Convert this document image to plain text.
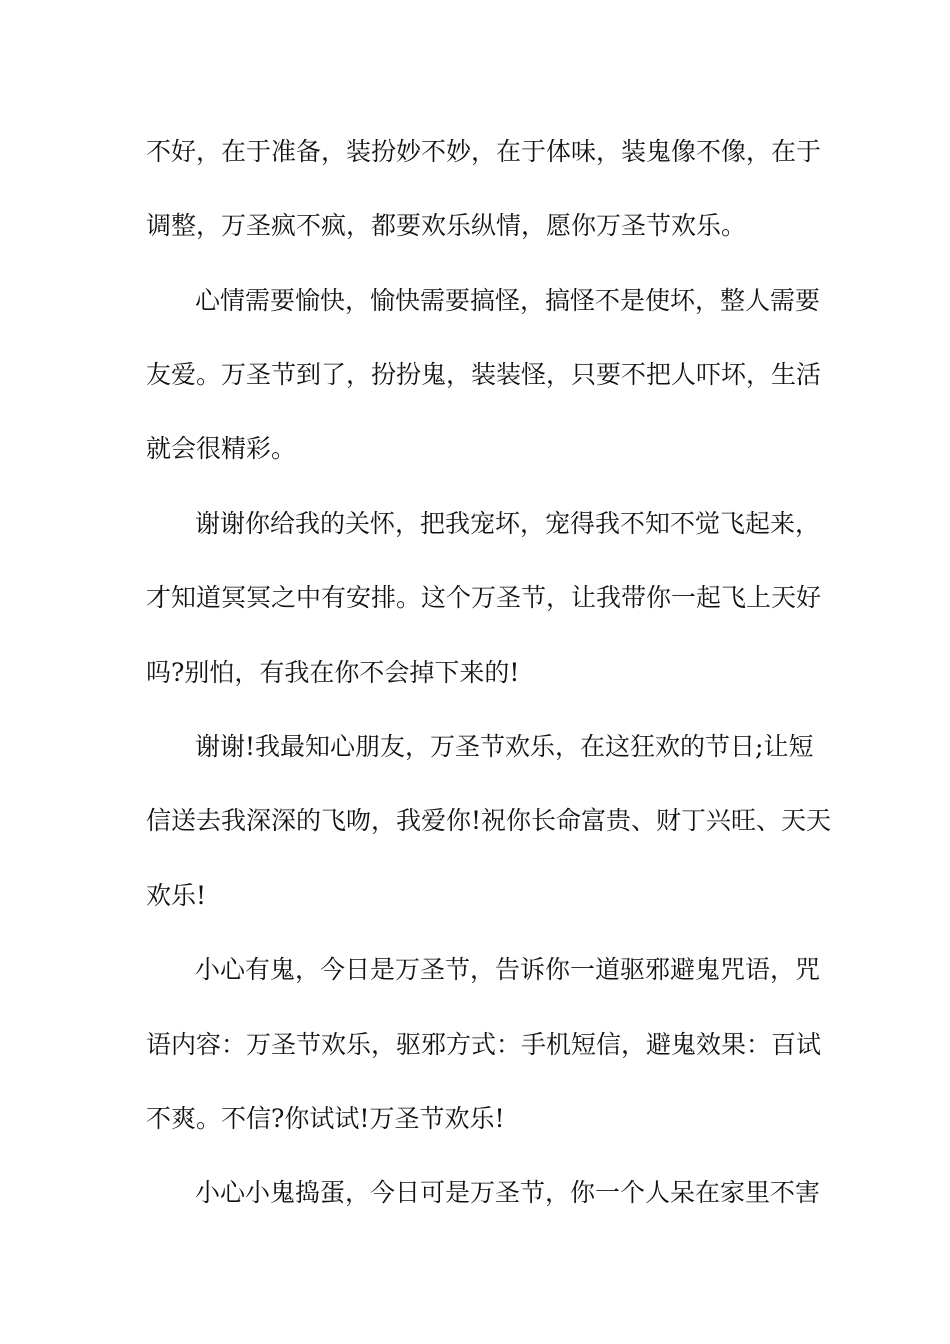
不好，在于准备，装扮妙不妙，在于体味，装鬼像不像，在于
调整，万圣疯不疯，都要欢乐纵情，愿你万圣节欢乐。
心情需要愉快，愉快需要搞怪，搞怪不是使坏，整人需要
友爱。万圣节到了，扮扮鬼，装装怪，只要不把人吓坏，生活
就会很精彩。
谢谢你给我的关怀，把我宠坏，宠得我不知不觉飞起来，
才知道冥冥之中有安排。这个万圣节，让我带你一起飞上天好
吗?别怕，有我在你不会掉下来的!
谢谢!我最知心朋友，万圣节欢乐，在这狂欢的节日;让短
信送去我深深的飞吻，我爱你!祝你长命富贵、财丁兴旺、天天
欢乐!
小心有鬼，今日是万圣节，告诉你一道驱邪避鬼咒语，咒
语内容：万圣节欢乐，驱邪方式：手机短信，避鬼效果：百试
不爽。不信?你试试!万圣节欢乐!
小心小鬼捣蛋，今日可是万圣节，你一个人呆在家里不害
